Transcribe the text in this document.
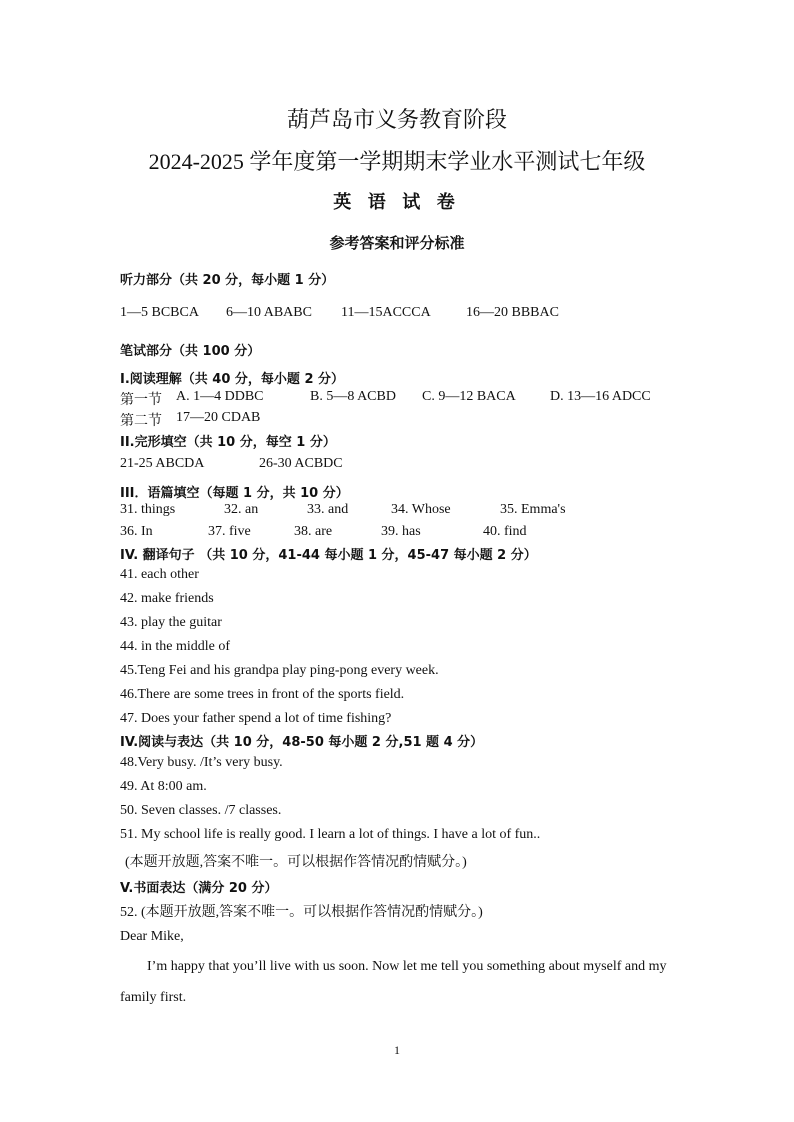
葫芦岛市义务教育阶段
2024-2025 学年度第一学期期末学业水平测试七年级
英 语 试 卷
参考答案和评分标准
听力部分（共 20 分，每小题 1 分）
1—5 BCBCA 6—10 ABABC 11—15ACCCA	16—20 BBBAC
笔试部分（共 100 分）
I.阅读理解（共 40 分，每小题 2 分）
第一节 A. 1—4 DDBC	B. 5—8 ACBD C. 9—12 BACA D. 13—16 ADCC
第二节 17—20 CDAB
II.完形填空（共 10 分，每空 1 分）
21-25 ABCDA	26-30 ACBDC
III．语篇填空（每题 1 分，共 10 分）
31. things	32. an	33. and	34. Whose	35. Emma's
36. In	37. five	38. are	39. has	40. find
IV. 翻译句子 （共 10 分，41-44 每小题 1 分，45-47 每小题 2 分）
41. each other
42. make friends
43. play the guitar
44. in the middle of
45.Teng Fei and his grandpa play ping-pong every week.
46.There are some trees in front of the sports field.
47. Does your father spend a lot of time fishing?
IV.阅读与表达（共 10 分，48-50 每小题 2 分,51 题 4 分）
48.Very busy. /It’s very busy.
49. At 8:00 am.
50. Seven classes. /7 classes.
51. My school life is really good. I learn a lot of things. I have a lot of fun..
(本题开放题,答案不唯一。可以根据作答情况酌情赋分。)
V.书面表达（满分 20 分）
52. (本题开放题,答案不唯一。可以根据作答情况酌情赋分。)
Dear Mike,
I’m happy that you’ll live with us soon. Now let me tell you something about myself and my
family first.
1
